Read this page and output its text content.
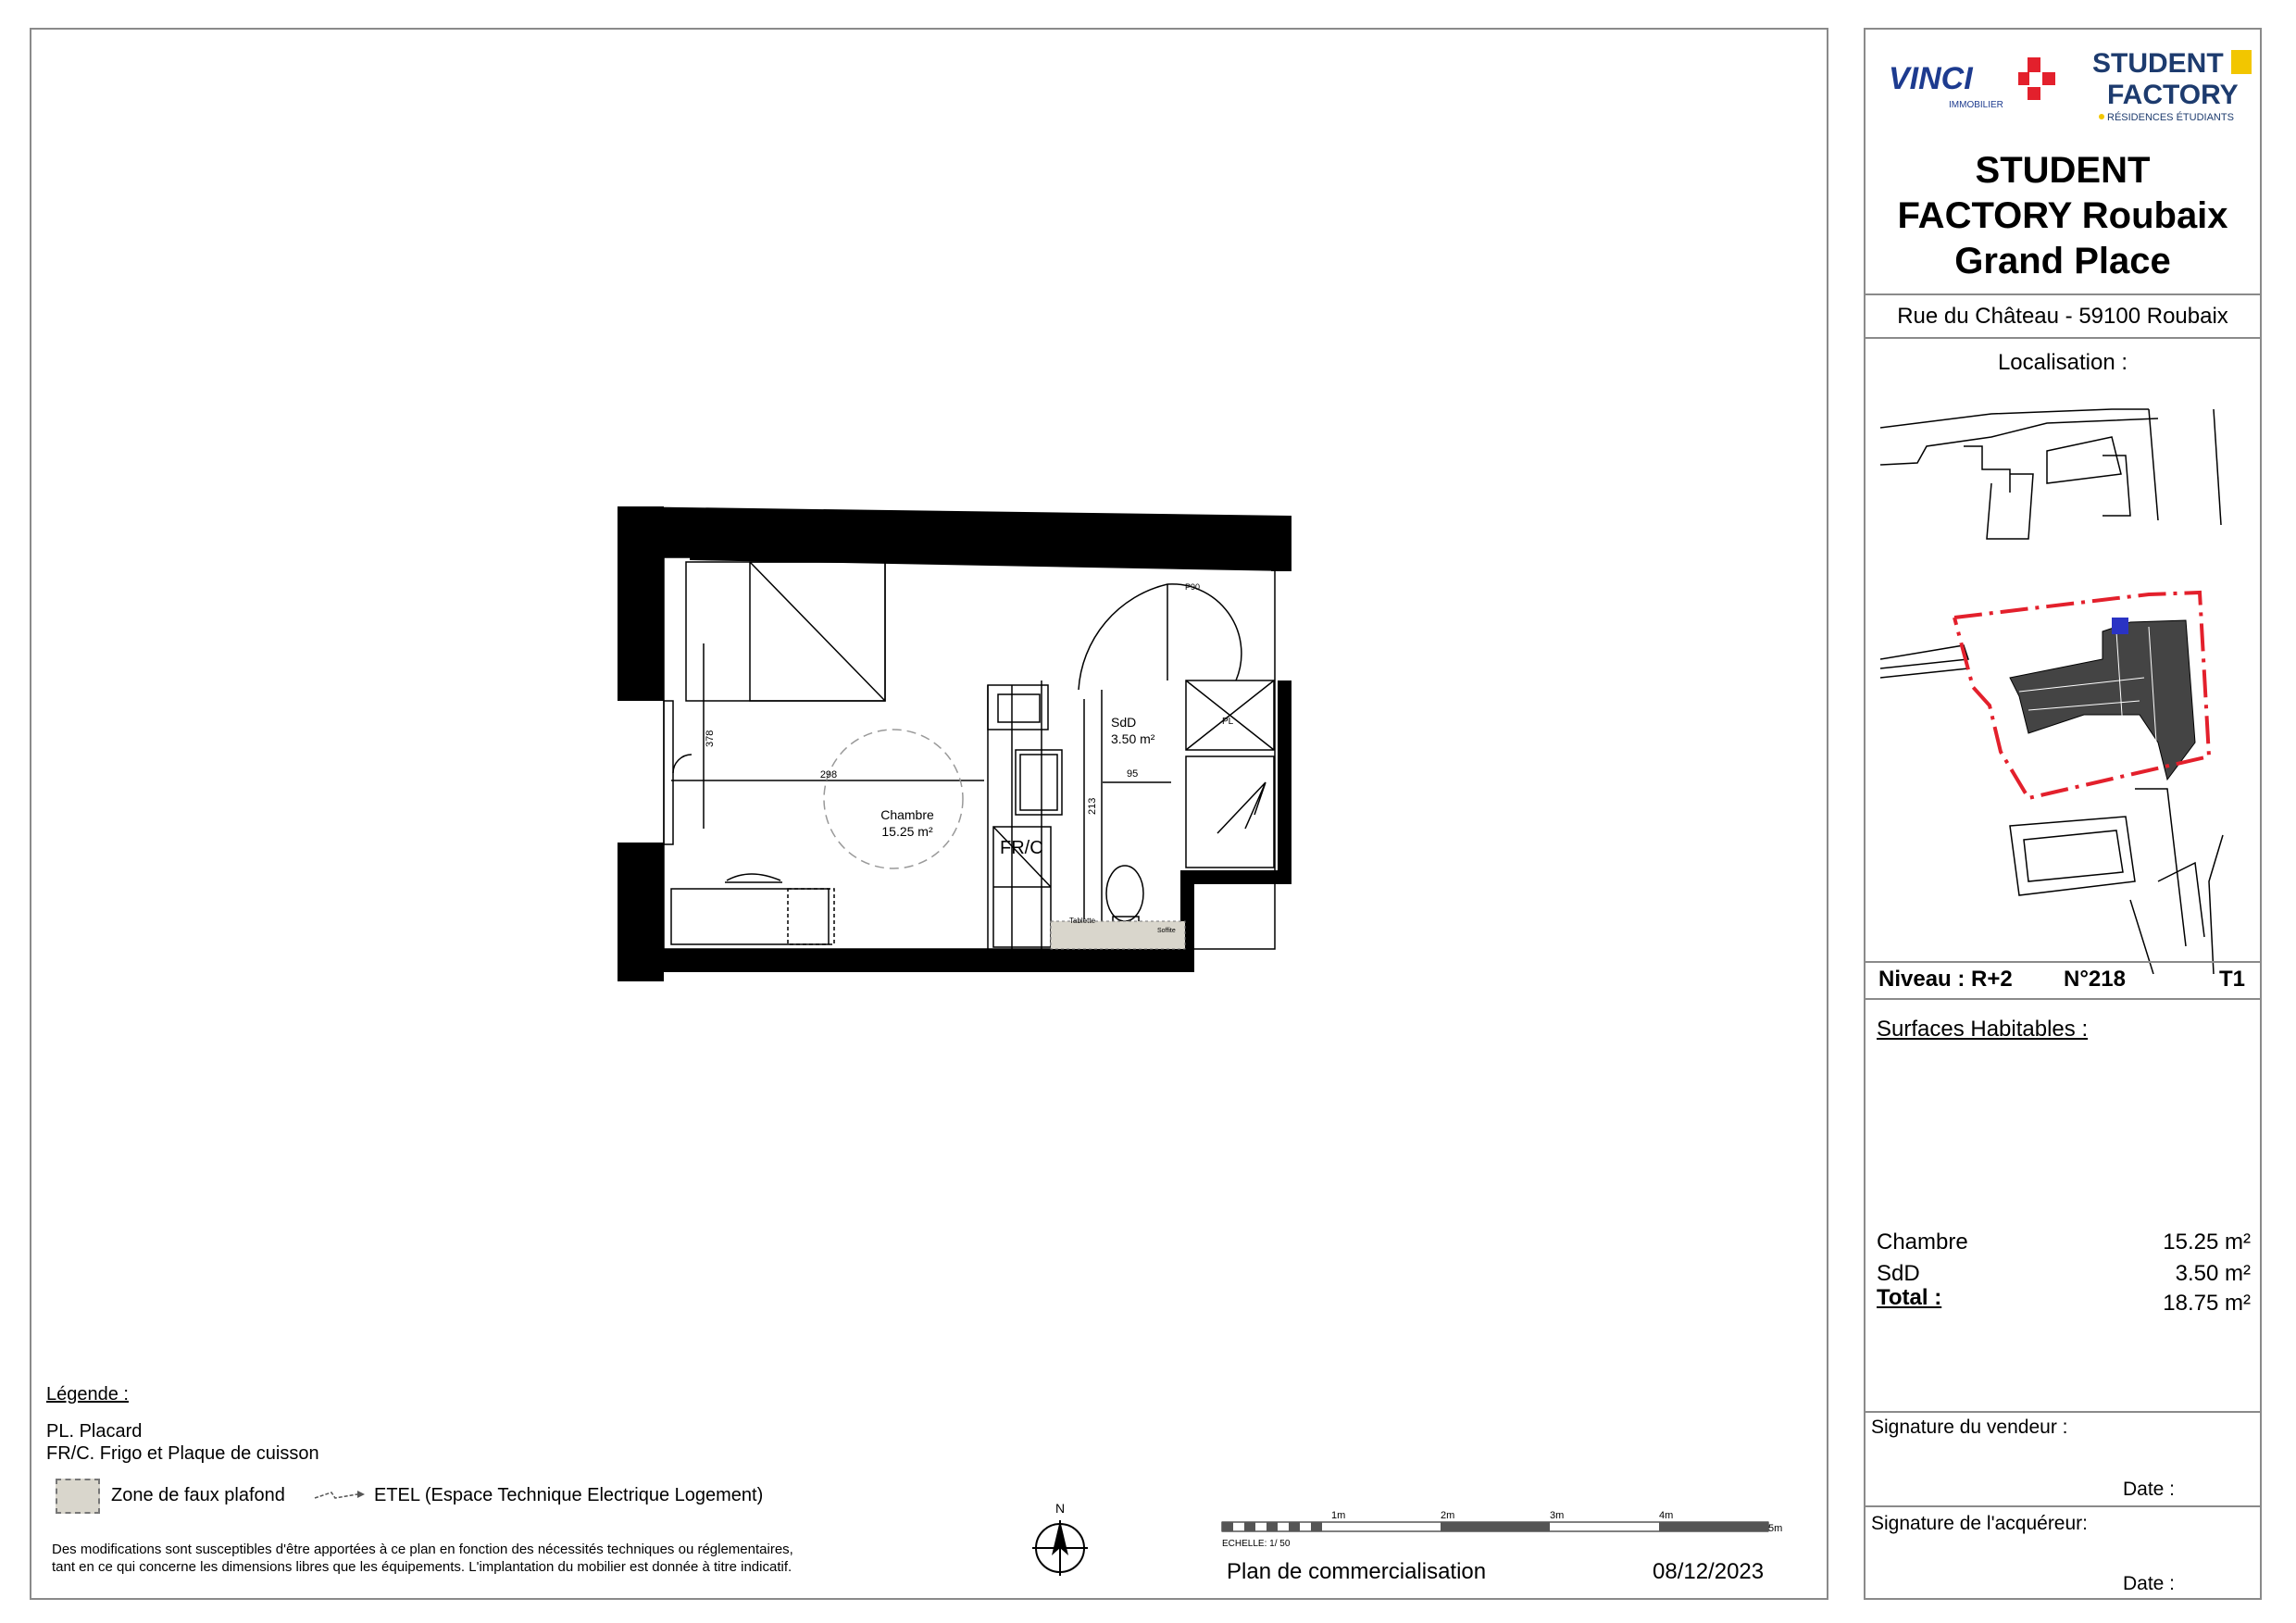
Chambre
15.25 m²
SdD
3.50 m²
FR/C
PL
P90
Tablette
Soffite
298
378
95
213
Légende :
PL. Placard
FR/C. Frigo et Plaque de cuisson
Zone de faux plafond	ETEL (Espace Technique Electrique Logement)
Des modifications sont susceptibles d'être apportées à ce plan en fonction des nécessités techniques ou réglementaires,
tant en ce qui concerne les dimensions libres que les équipements. L'implantation du mobilier est donnée à titre indicatif.
N	1m	2m	3m	4m
5m
ECHELLE: 1/ 50
Plan de commercialisation	08/12/2023
VINCI
IMMOBILIER
STUDENT
FACTORY
RÉSIDENCES ÉTUDIANTS
STUDENT
FACTORY Roubaix
Grand Place
Rue du Château - 59100 Roubaix
Localisation :
Niveau : R+2 N°218	T1
Surfaces Habitables :
Chambre	15.25 m²
SdD	3.50 m²
Total :	18.75 m²
Signature du vendeur :
Date :
Signature de l'acquéreur:
Date :
